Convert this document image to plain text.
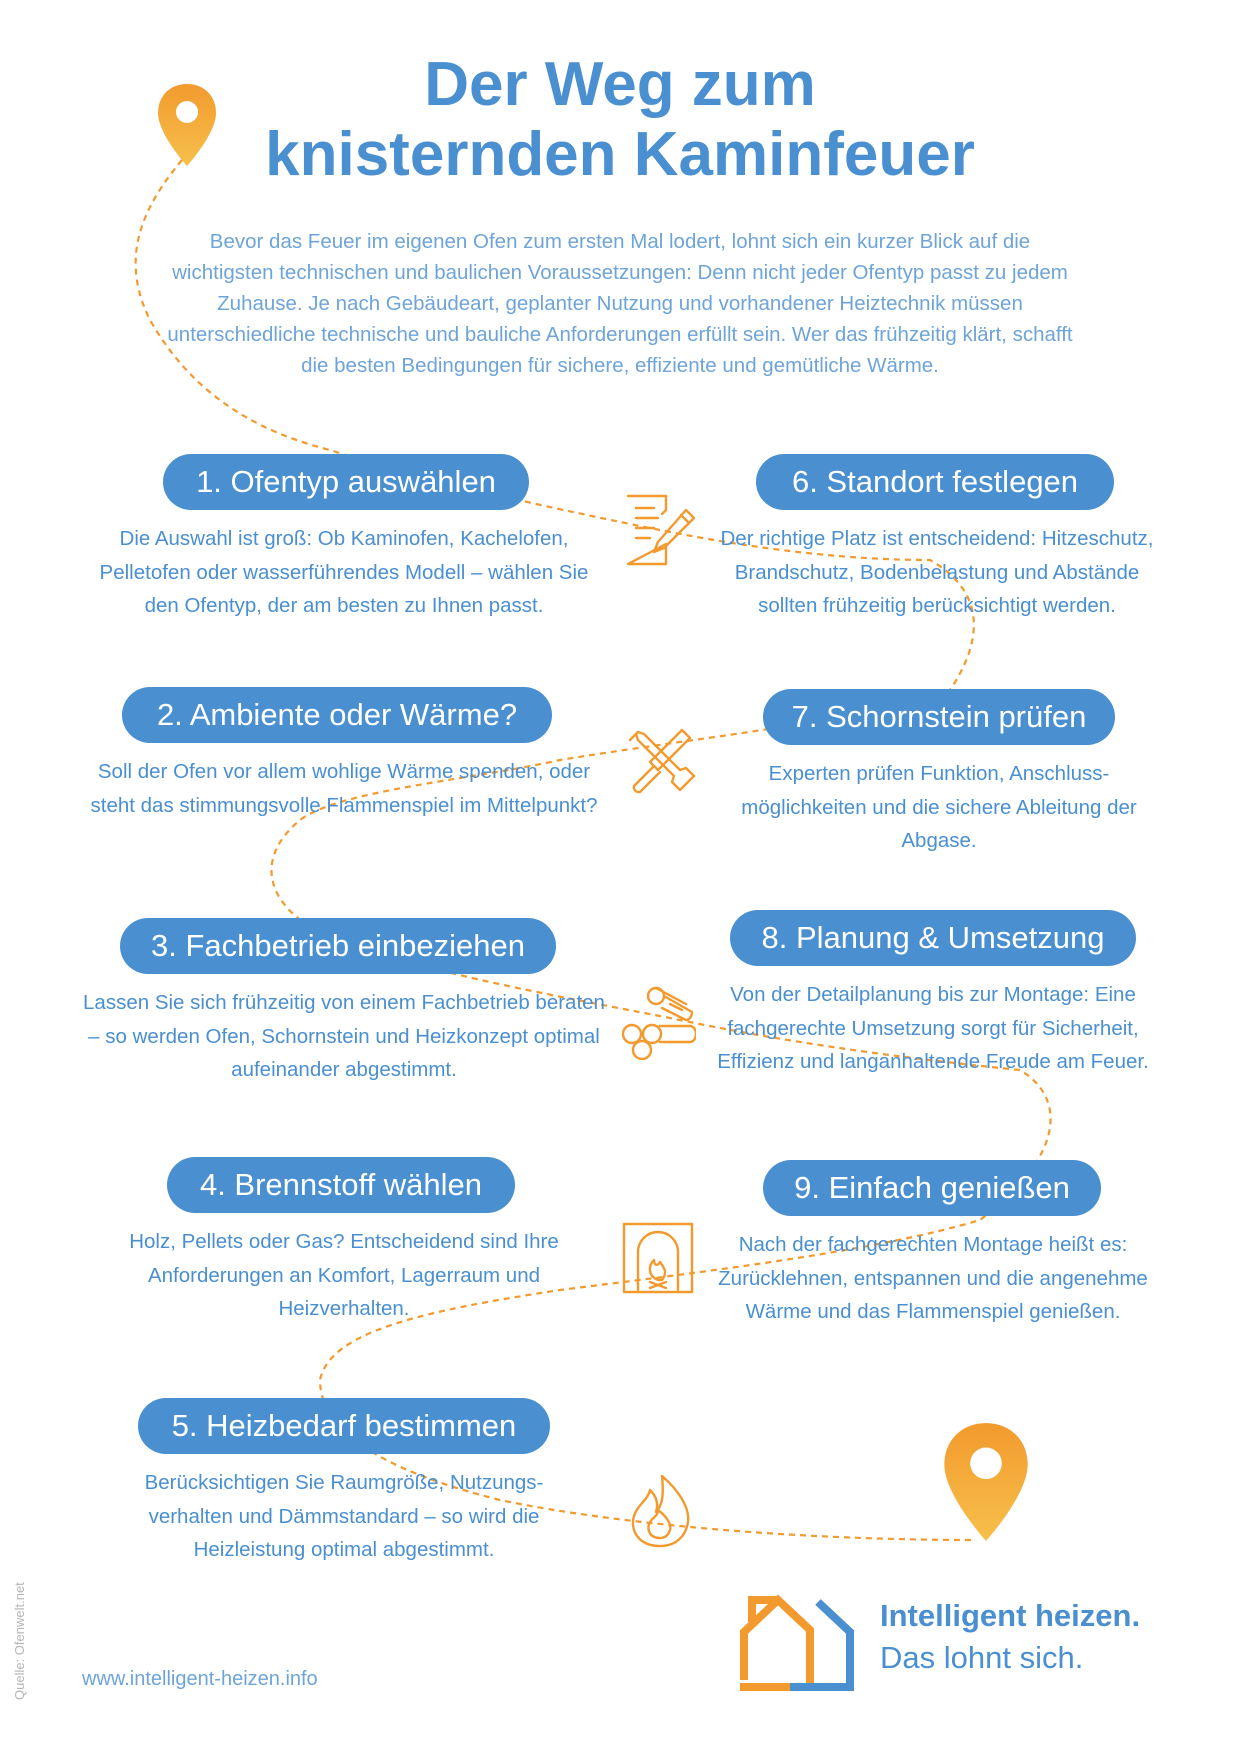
Der Weg zum
knisternden Kaminfeuer
Bevor das Feuer im eigenen Ofen zum ersten Mal lodert, lohnt sich ein kurzer Blick auf die wichtigsten technischen und baulichen Voraussetzungen: Denn nicht jeder Ofentyp passt zu jedem Zuhause. Je nach Gebäudeart, geplanter Nutzung und vorhandener Heiztechnik müssen unterschiedliche technische und bauliche Anforderungen erfüllt sein. Wer das frühzeitig klärt, schafft die besten Bedingungen für sichere, effiziente und gemütliche Wärme.
1. Ofentyp auswählen
Die Auswahl ist groß: Ob Kaminofen, Kachelofen, Pelletofen oder wasserführendes Modell – wählen Sie den Ofentyp, der am besten zu Ihnen passt.
2. Ambiente oder Wärme?
Soll der Ofen vor allem wohlige Wärme spenden, oder steht das stimmungsvolle Flammenspiel im Mittelpunkt?
3. Fachbetrieb einbeziehen
Lassen Sie sich frühzeitig von einem Fachbetrieb beraten – so werden Ofen, Schornstein und Heizkonzept optimal aufeinander abgestimmt.
4. Brennstoff wählen
Holz, Pellets oder Gas? Entscheidend sind Ihre Anforderungen an Komfort, Lagerraum und Heizverhalten.
5. Heizbedarf bestimmen
Berücksichtigen Sie Raumgröße, Nutzungs-verhalten und Dämmstandard – so wird die Heizleistung optimal abgestimmt.
6. Standort festlegen
Der richtige Platz ist entscheidend: Hitzeschutz, Brandschutz, Bodenbelastung und Abstände sollten frühzeitig berücksichtigt werden.
7. Schornstein prüfen
Experten prüfen Funktion, Anschluss-möglichkeiten und die sichere Ableitung der Abgase.
8. Planung & Umsetzung
Von der Detailplanung bis zur Montage: Eine fachgerechte Umsetzung sorgt für Sicherheit, Effizienz und langanhaltende Freude am Feuer.
9. Einfach genießen
Nach der fachgerechten Montage heißt es: Zurücklehnen, entspannen und die angenehme Wärme und das Flammenspiel genießen.
Intelligent heizen.
Das lohnt sich.
www.intelligent-heizen.info
Quelle: Ofenwelt.net
